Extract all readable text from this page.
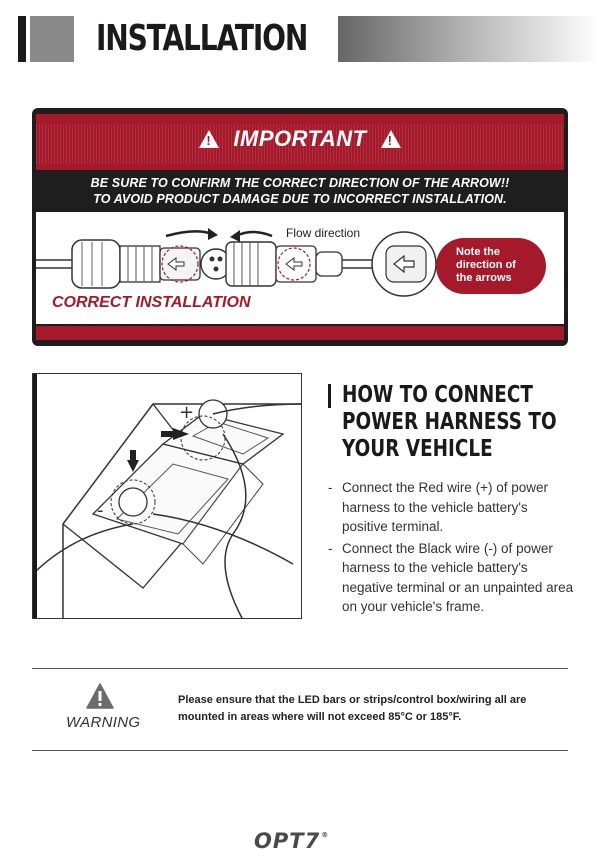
INSTALLATION
!
IMPORTANT
!
BE SURE TO CONFIRM THE CORRECT DIRECTION OF THE ARROW!!
TO AVOID PRODUCT DAMAGE DUE TO INCORRECT INSTALLATION.
Flow direction
CORRECT INSTALLATION
Note the
direction of
the arrows
+
-
HOW TO CONNECT
POWER HARNESS TO
YOUR VEHICLE
- Connect the Red wire (+) of power harness to the vehicle battery's positive terminal.
- Connect the Black wire (-) of power harness to the vehicle battery's negative terminal or an unpainted area on your vehicle's frame.
WARNING
Please ensure that the LED bars or strips/control box/wiring all are
mounted in areas where will not exceed 85°C or 185°F.
OPT7®
